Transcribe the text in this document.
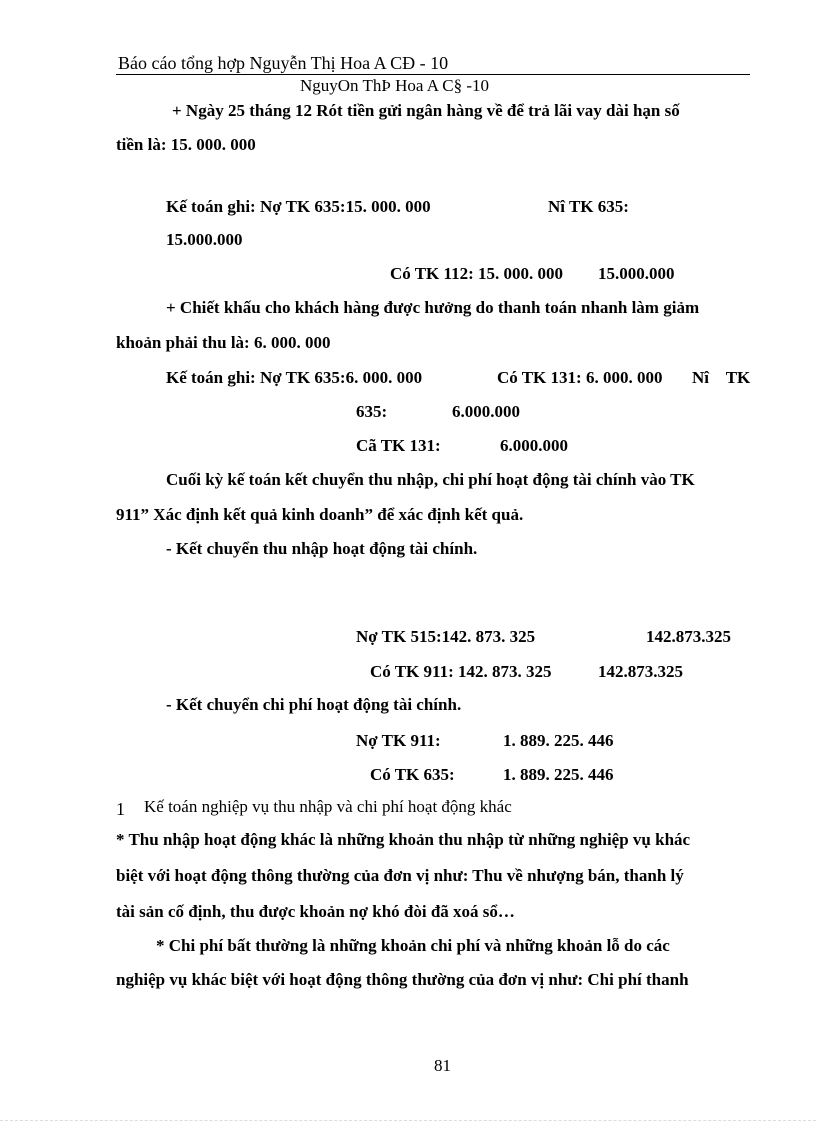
Báo cáo tổng hợp Nguyễn Thị Hoa A CĐ - 10
NguyOn ThÞ Hoa A C§ -10
+ Ngày 25 tháng 12 Rót tiền gửi ngân hàng về để trả lãi vay dài hạn số
tiền là: 15. 000. 000
Kế toán ghi: Nợ TK 635:15. 000. 000	Nî TK 635:
15.000.000
Có TK 112: 15. 000. 000 15.000.000
+ Chiết khấu cho khách hàng được hưởng do thanh toán nhanh làm giảm
khoản phải thu là: 6. 000. 000
Kế toán ghi: Nợ TK 635:6. 000. 000	Có TK 131: 6. 000. 000 Nî    TK
635:	6.000.000
Cã TK 131:	6.000.000
Cuối kỳ kế toán kết chuyển thu nhập, chi phí hoạt động tài chính vào TK
911” Xác định kết quả kinh doanh” để xác định kết quả.
- Kết chuyển thu nhập hoạt động tài chính.
Nợ TK 515:142. 873. 325	142.873.325
Có TK 911: 142. 873. 325	142.873.325
- Kết chuyển chi phí hoạt động tài chính.
Nợ TK 911:	1. 889. 225. 446
Có TK 635:	1. 889. 225. 446
1 Kế toán nghiệp vụ thu nhập và chi phí hoạt động khác
* Thu nhập hoạt động khác là những khoản thu nhập từ những nghiệp vụ khác
biệt với hoạt động thông thường của đơn vị như: Thu về nhượng bán, thanh lý
tài sản cố định, thu được khoản nợ khó đòi đã xoá sổ…
* Chi phí bất thường là những khoản chi phí và những khoản lỗ do các
nghiệp vụ khác biệt với hoạt động thông thường của đơn vị như: Chi phí thanh
81
